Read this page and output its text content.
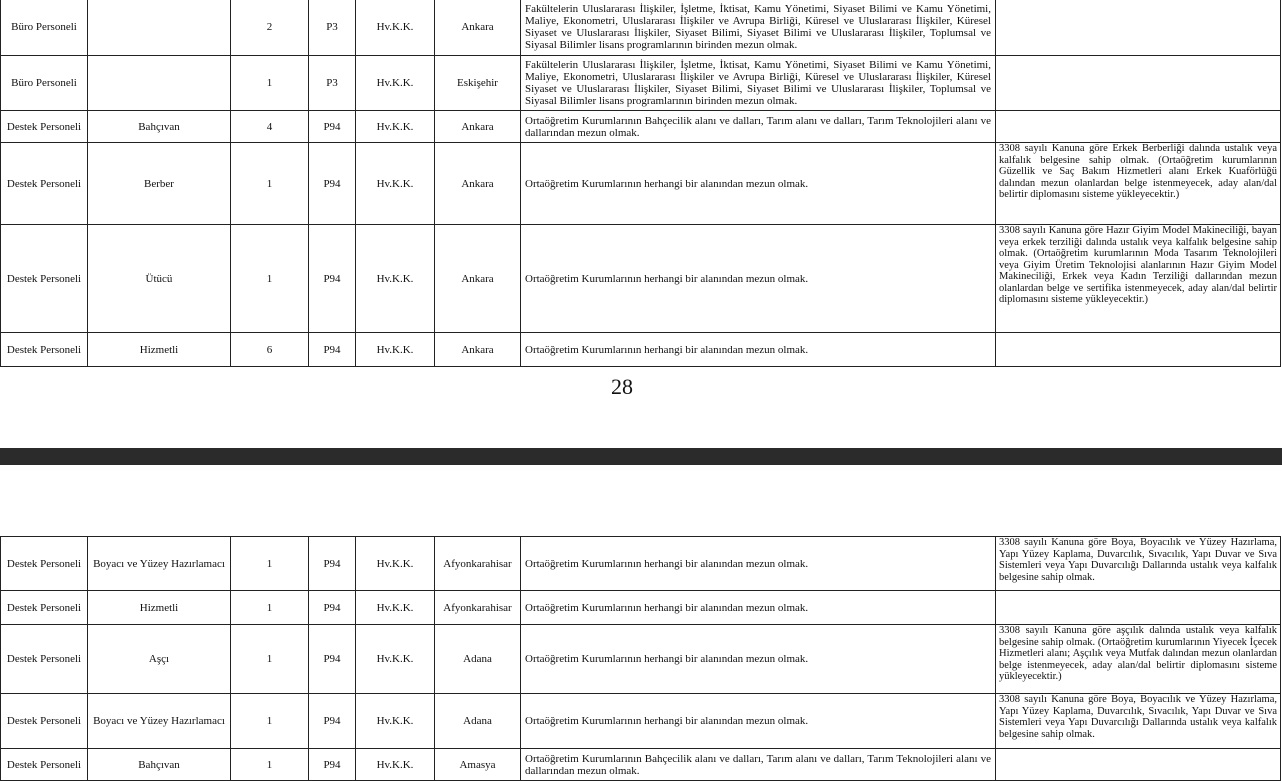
Büro Personeli		2	P3	Hv.K.K.	Ankara	Fakültelerin Uluslararası İlişkiler, İşletme, İktisat, Kamu Yönetimi, Siyaset Bilimi ve Kamu Yönetimi, Maliye, Ekonometri, Uluslararası İlişkiler ve Avrupa Birliği, Küresel ve Uluslararası İlişkiler, Küresel Siyaset ve Uluslararası İlişkiler, Siyaset Bilimi, Siyaset Bilimi ve Uluslararası İlişkiler, Toplumsal ve Siyasal Bilimler lisans programlarının birinden mezun olmak.	
Büro Personeli		1	P3	Hv.K.K.	Eskişehir	Fakültelerin Uluslararası İlişkiler, İşletme, İktisat, Kamu Yönetimi, Siyaset Bilimi ve Kamu Yönetimi, Maliye, Ekonometri, Uluslararası İlişkiler ve Avrupa Birliği, Küresel ve Uluslararası İlişkiler, Küresel Siyaset ve Uluslararası İlişkiler, Siyaset Bilimi, Siyaset Bilimi ve Uluslararası İlişkiler, Toplumsal ve Siyasal Bilimler lisans programlarının birinden mezun olmak.	
Destek Personeli	Bahçıvan	4	P94	Hv.K.K.	Ankara	Ortaöğretim Kurumlarının Bahçecilik alanı ve dalları, Tarım alanı ve dalları, Tarım Teknolojileri alanı ve dallarından mezun olmak.	
Destek Personeli	Berber	1	P94	Hv.K.K.	Ankara	Ortaöğretim Kurumlarının herhangi bir alanından mezun olmak.	3308 sayılı Kanuna göre Erkek Berberliği dalında ustalık veya kalfalık belgesine sahip olmak. (Ortaöğretim kurumlarının Güzellik ve Saç Bakım Hizmetleri alanı Erkek Kuaförlüğü dalından mezun olanlardan belge istenmeyecek, aday alan/dal belirtir diplomasını sisteme yükleyecektir.)
Destek Personeli	Ütücü	1	P94	Hv.K.K.	Ankara	Ortaöğretim Kurumlarının herhangi bir alanından mezun olmak.	3308 sayılı Kanuna göre Hazır Giyim Model Makineciliği, bayan veya erkek terziliği dalında ustalık veya kalfalık belgesine sahip olmak. (Ortaöğretim kurumlarının Moda Tasarım Teknolojileri veya Giyim Üretim Teknolojisi alanlarının Hazır Giyim Model Makineciliği, Erkek veya Kadın Terziliği dallarından mezun olanlardan belge ve sertifika istenmeyecek, aday alan/dal belirtir diplomasını sisteme yükleyecektir.)
Destek Personeli	Hizmetli	6	P94	Hv.K.K.	Ankara	Ortaöğretim Kurumlarının herhangi bir alanından mezun olmak.	
28
Destek Personeli	Boyacı ve Yüzey Hazırlamacı	1	P94	Hv.K.K.	Afyonkarahisar	Ortaöğretim Kurumlarının herhangi bir alanından mezun olmak.	3308 sayılı Kanuna göre Boya, Boyacılık ve Yüzey Hazırlama, Yapı Yüzey Kaplama, Duvarcılık, Sıvacılık, Yapı Duvar ve Sıva Sistemleri veya Yapı Duvarcılığı Dallarında ustalık veya kalfalık belgesine sahip olmak.
Destek Personeli	Hizmetli	1	P94	Hv.K.K.	Afyonkarahisar	Ortaöğretim Kurumlarının herhangi bir alanından mezun olmak.	
Destek Personeli	Aşçı	1	P94	Hv.K.K.	Adana	Ortaöğretim Kurumlarının herhangi bir alanından mezun olmak.	3308 sayılı Kanuna göre aşçılık dalında ustalık veya kalfalık belgesine sahip olmak. (Ortaöğretim kurumlarının Yiyecek İçecek Hizmetleri alanı; Aşçılık veya Mutfak dalından mezun olanlardan belge istenmeyecek, aday alan/dal belirtir diplomasını sisteme yükleyecektir.)
Destek Personeli	Boyacı ve Yüzey Hazırlamacı	1	P94	Hv.K.K.	Adana	Ortaöğretim Kurumlarının herhangi bir alanından mezun olmak.	3308 sayılı Kanuna göre Boya, Boyacılık ve Yüzey Hazırlama, Yapı Yüzey Kaplama, Duvarcılık, Sıvacılık, Yapı Duvar ve Sıva Sistemleri veya Yapı Duvarcılığı Dallarında ustalık veya kalfalık belgesine sahip olmak.
Destek Personeli	Bahçıvan	1	P94	Hv.K.K.	Amasya	Ortaöğretim Kurumlarının Bahçecilik alanı ve dalları, Tarım alanı ve dalları, Tarım Teknolojileri alanı ve dallarından mezun olmak.	
